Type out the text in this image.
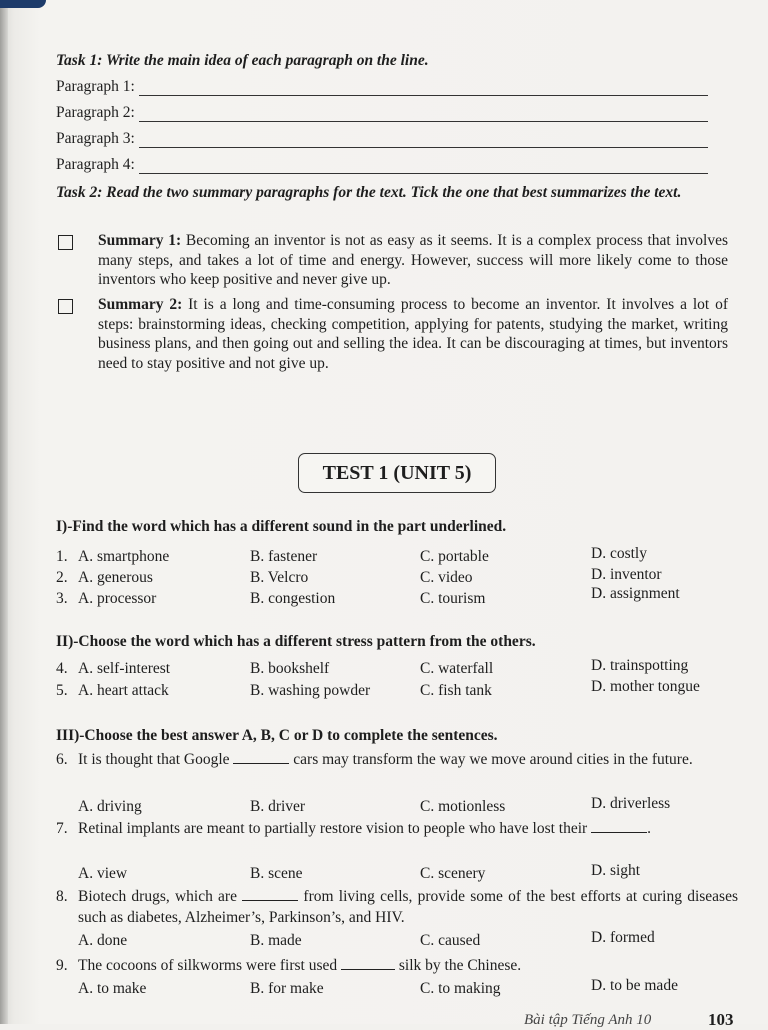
Task 1: Write the main idea of each paragraph on the line.
Paragraph 1:
Paragraph 2:
Paragraph 3:
Paragraph 4:
Task 2: Read the two summary paragraphs for the text. Tick the one that best summarizes the text.
Summary 1: Becoming an inventor is not as easy as it seems. It is a complex process that involves many steps, and takes a lot of time and energy. However, success will more likely come to those inventors who keep positive and never give up.
Summary 2: It is a long and time-consuming process to become an inventor. It involves a lot of steps: brainstorming ideas, checking competition, applying for patents, studying the market, writing business plans, and then going out and selling the idea. It can be discouraging at times, but inventors need to stay positive and not give up.
TEST 1 (UNIT 5)
I)-Find the word which has a different sound in the part underlined.
1. A. smartphone	B. fastener	C. portable	D. costly
2. A. generous	B. Velcro	C. video	D. inventor
3. A. processor	B. congestion	C. tourism	D. assignment
II)-Choose the word which has a different stress pattern from the others.
4. A. self-interest	B. bookshelf	C. waterfall	D. trainspotting
5. A. heart attack	B. washing powder	C. fish tank	D. mother tongue
III)-Choose the best answer A, B, C or D to complete the sentences.
6. It is thought that Google	cars may transform the way we move around cities in the future.
A. driving	B. driver	C. motionless	D. driverless
7. Retinal implants are meant to partially restore vision to people who have lost their	.
A. view	B. scene	C. scenery	D. sight
8. Biotech drugs, which are	from living cells, provide some of the best efforts at curing diseases such as diabetes, Alzheimer’s, Parkinson’s, and HIV.
A. done	B. made	C. caused	D. formed
9. The cocoons of silkworms were first used	silk by the Chinese.
A. to make	B. for make	C. to making	D. to be made
Bài tập Tiếng Anh 10	103
